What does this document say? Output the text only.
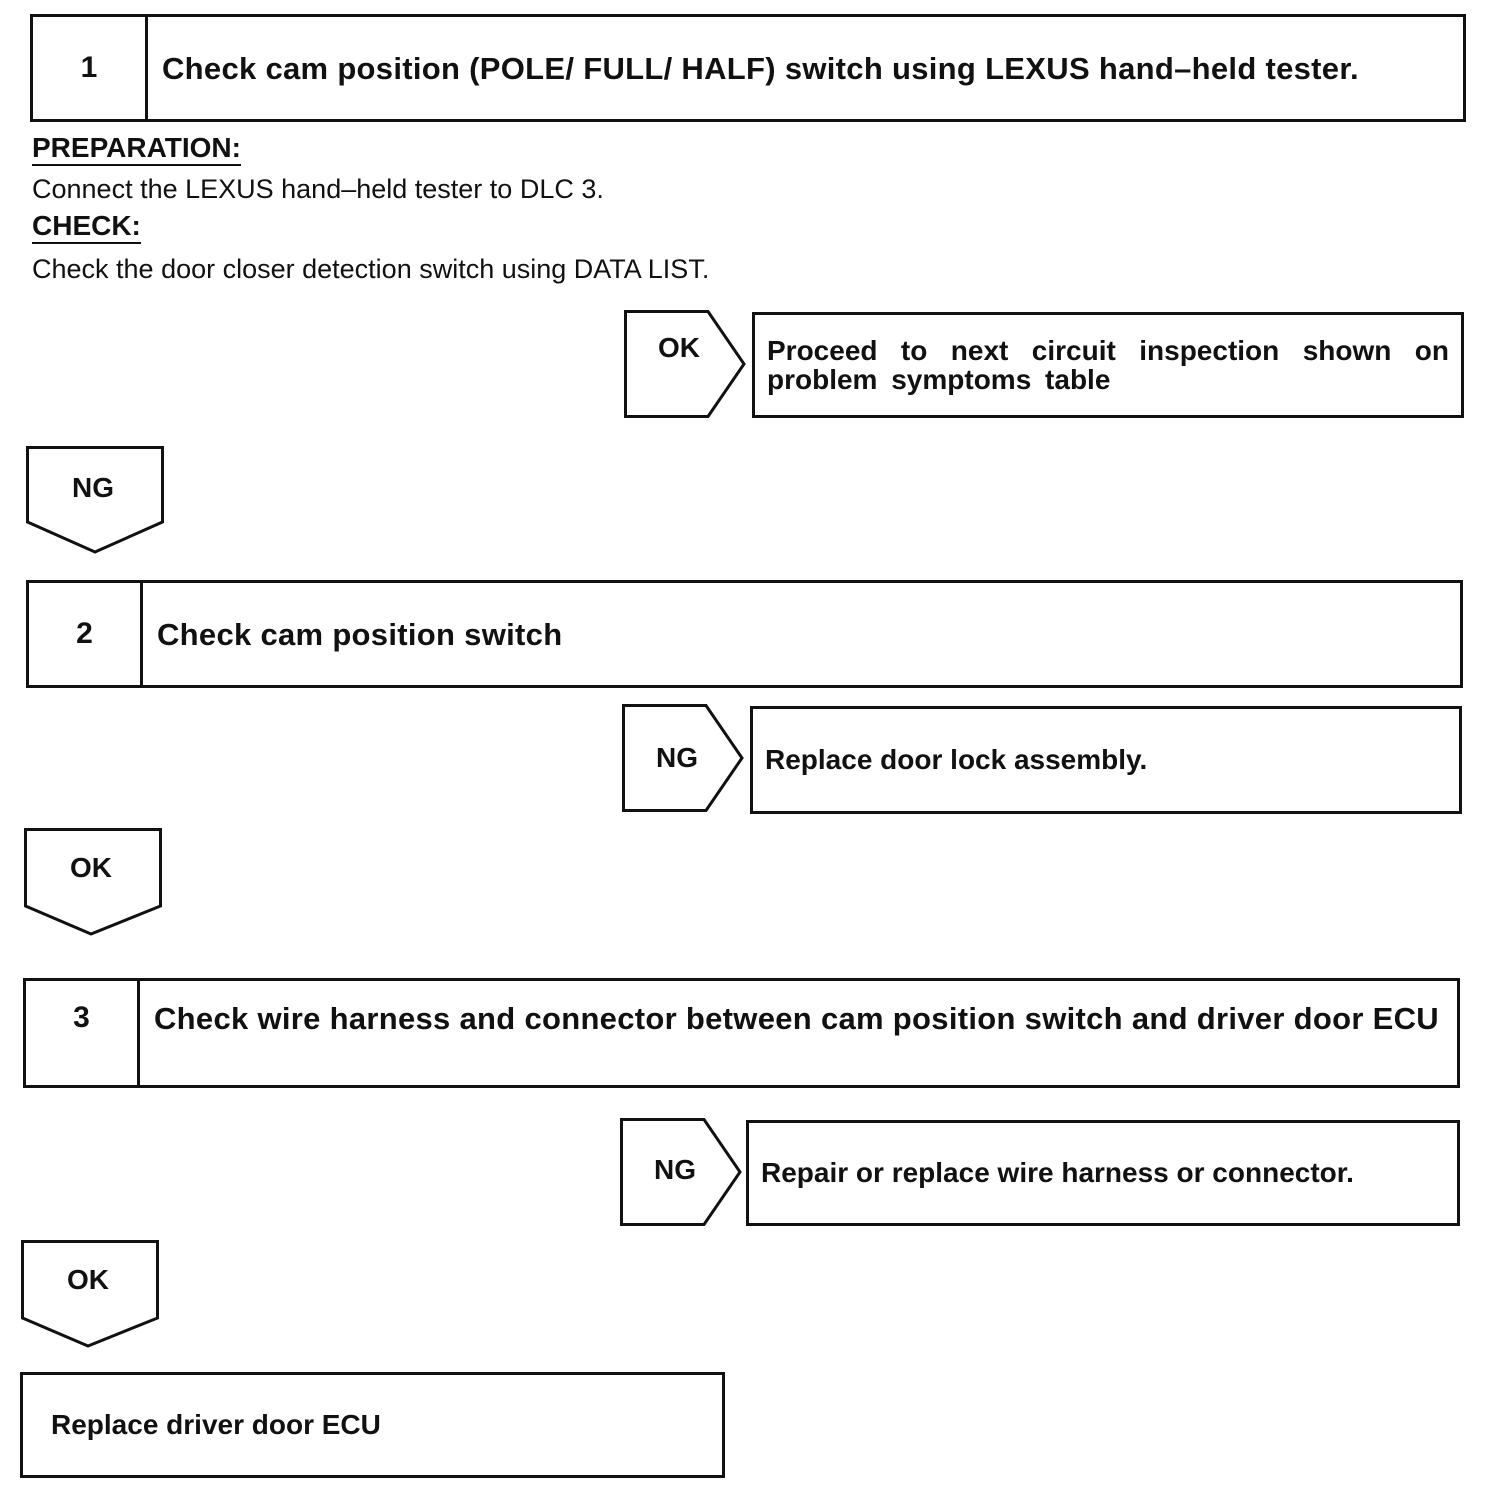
1	Check cam position (POLE/ FULL/ HALF) switch using LEXUS hand–held tester.
PREPARATION:
Connect the LEXUS hand–held tester to DLC 3.
CHECK:
Check the door closer detection switch using DATA LIST.
OK	Proceed to next circuit inspection shown on problem symptoms table
NG
2	Check cam position switch
NG	Replace door lock assembly.
OK
3	Check wire harness and connector between cam position switch and driver door ECU
NG	Repair or replace wire harness or connector.
OK
Replace driver door ECU
